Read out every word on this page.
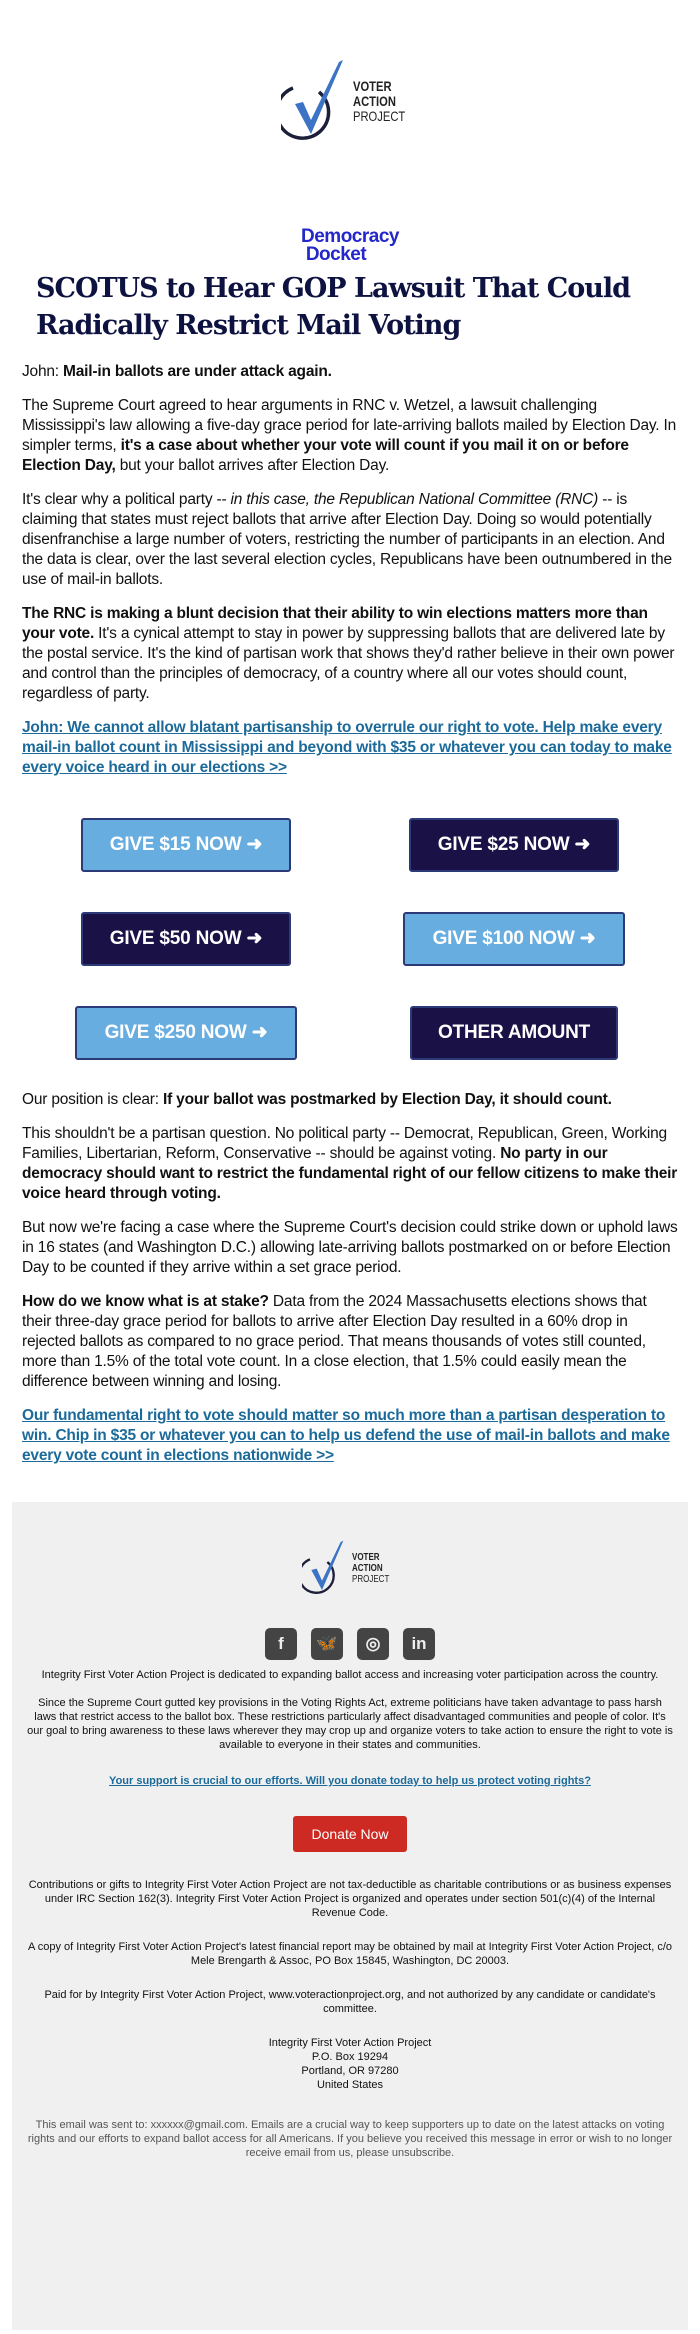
VOTER
ACTION
PROJECT
Democracy
Docket
SCOTUS to Hear GOP Lawsuit That Could Radically Restrict Mail Voting

John: Mail-in ballots are under attack again.

The Supreme Court agreed to hear arguments in RNC v. Wetzel, a lawsuit challenging Mississippi's law allowing a five-day grace period for late-arriving ballots mailed by Election Day. In simpler terms, it's a case about whether your vote will count if you mail it on or before Election Day, but your ballot arrives after Election Day.

It's clear why a political party -- in this case, the Republican National Committee (RNC) -- is claiming that states must reject ballots that arrive after Election Day. Doing so would potentially disenfranchise a large number of voters, restricting the number of participants in an election. And the data is clear, over the last several election cycles, Republicans have been outnumbered in the use of mail-in ballots.

The RNC is making a blunt decision that their ability to win elections matters more than your vote. It's a cynical attempt to stay in power by suppressing ballots that are delivered late by the postal service. It's the kind of partisan work that shows they'd rather believe in their own power and control than the principles of democracy, of a country where all our votes should count, regardless of party.

John: We cannot allow blatant partisanship to overrule our right to vote. Help make every mail-in ballot count in Mississippi and beyond with $35 or whatever you can today to make every voice heard in our elections >>

GIVE $15 NOW ➜	GIVE $25 NOW ➜
GIVE $50 NOW ➜	GIVE $100 NOW ➜
GIVE $250 NOW ➜	OTHER AMOUNT

Our position is clear: If your ballot was postmarked by Election Day, it should count.

This shouldn't be a partisan question. No political party -- Democrat, Republican, Green, Working Families, Libertarian, Reform, Conservative -- should be against voting. No party in our democracy should want to restrict the fundamental right of our fellow citizens to make their voice heard through voting.

But now we're facing a case where the Supreme Court's decision could strike down or uphold laws in 16 states (and Washington D.C.) allowing late-arriving ballots postmarked on or before Election Day to be counted if they arrive within a set grace period.

How do we know what is at stake? Data from the 2024 Massachusetts elections shows that their three-day grace period for ballots to arrive after Election Day resulted in a 60% drop in rejected ballots as compared to no grace period. That means thousands of votes still counted, more than 1.5% of the total vote count. In a close election, that 1.5% could easily mean the difference between winning and losing.

Our fundamental right to vote should matter so much more than a partisan desperation to win. Chip in $35 or whatever you can to help us defend the use of mail-in ballots and make every vote count in elections nationwide >>

VOTER
ACTION
PROJECT
f	🦋	◎	in

Integrity First Voter Action Project is dedicated to expanding ballot access and increasing voter participation across the country.

Since the Supreme Court gutted key provisions in the Voting Rights Act, extreme politicians have taken advantage to pass harsh laws that restrict access to the ballot box. These restrictions particularly affect disadvantaged communities and people of color. It's our goal to bring awareness to these laws wherever they may crop up and organize voters to take action to ensure the right to vote is available to everyone in their states and communities.

Your support is crucial to our efforts. Will you donate today to help us protect voting rights?

Donate Now

Contributions or gifts to Integrity First Voter Action Project are not tax-deductible as charitable contributions or as business expenses under IRC Section 162(3). Integrity First Voter Action Project is organized and operates under section 501(c)(4) of the Internal Revenue Code.

A copy of Integrity First Voter Action Project's latest financial report may be obtained by mail at Integrity First Voter Action Project, c/o Mele Brengarth & Assoc, PO Box 15845, Washington, DC 20003.

Paid for by Integrity First Voter Action Project, www.voteractionproject.org, and not authorized by any candidate or candidate's committee.

Integrity First Voter Action Project
P.O. Box 19294
Portland, OR 97280
United States

This email was sent to: xxxxxx@gmail.com. Emails are a crucial way to keep supporters up to date on the latest attacks on voting rights and our efforts to expand ballot access for all Americans. If you believe you received this message in error or wish to no longer receive email from us, please unsubscribe.
